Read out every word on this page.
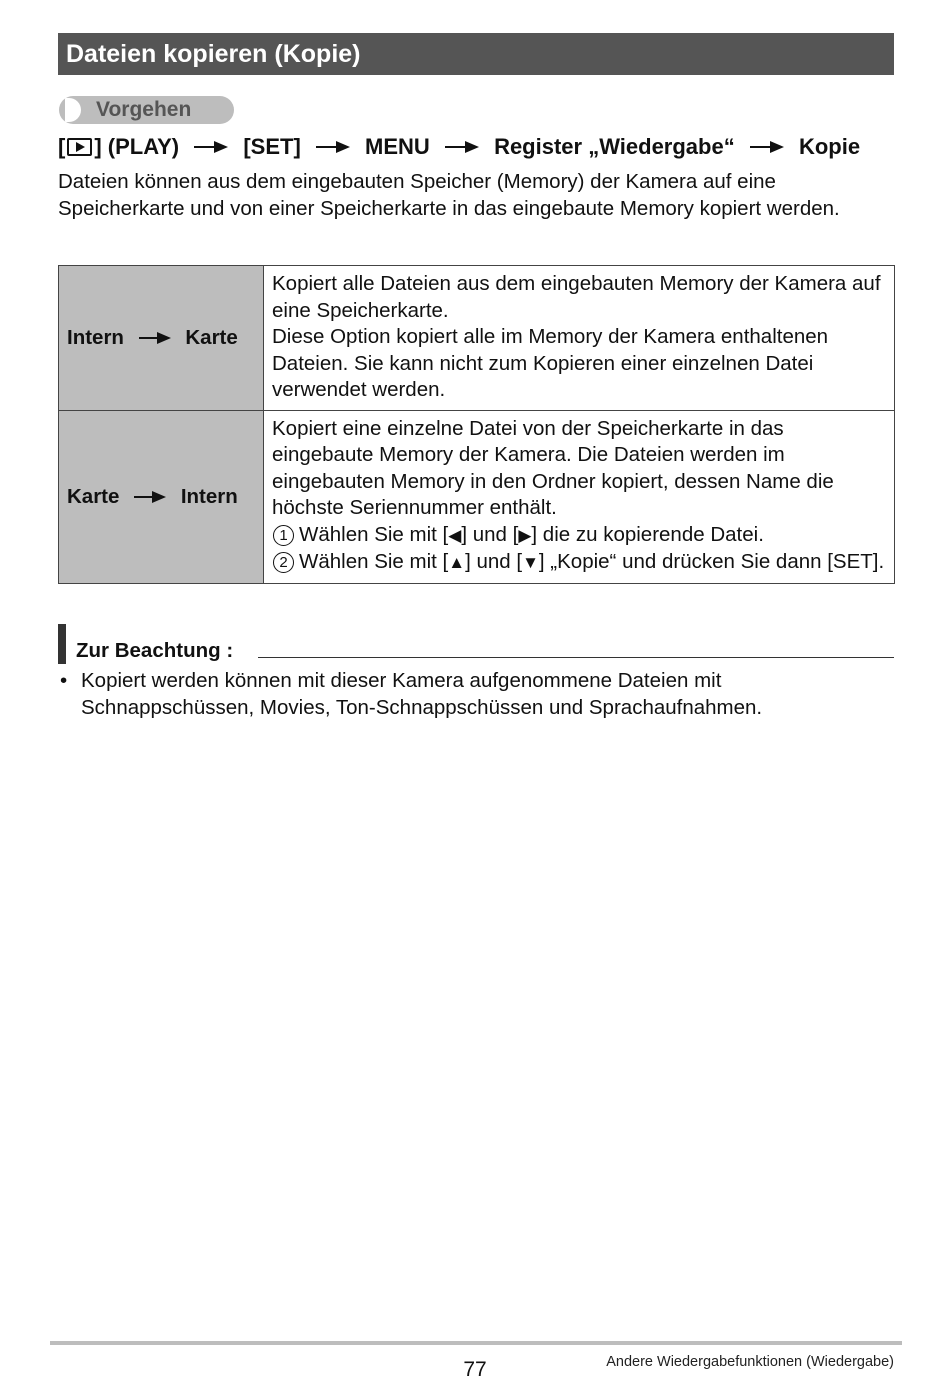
Dateien kopieren (Kopie)
Vorgehen
[ ] (PLAY)	[SET]	MENU	Register „Wiedergabe“	Kopie
Dateien können aus dem eingebauten Speicher (Memory) der Kamera auf eine Speicherkarte und von einer Speicherkarte in das eingebaute Memory kopiert werden.
Intern Karte	Kopiert alle Dateien aus dem eingebauten Memory der Kamera auf eine Speicherkarte.
Diese Option kopiert alle im Memory der Kamera enthaltenen Dateien. Sie kann nicht zum Kopieren einer einzelnen Datei verwendet werden.

Karte Intern	Kopiert eine einzelne Datei von der Speicherkarte in das eingebaute Memory der Kamera. Die Dateien werden im eingebauten Memory in den Ordner kopiert, dessen Name die höchste Seriennummer enthält.
1 Wählen Sie mit [◀] und [▶] die zu kopierende Datei.
2 Wählen Sie mit [▲] und [▼] „Kopie“ und drücken Sie dann [SET].
Zur Beachtung :
• Kopiert werden können mit dieser Kamera aufgenommene Dateien mit Schnappschüssen, Movies, Ton-Schnappschüssen und Sprachaufnahmen.
77	Andere Wiedergabefunktionen (Wiedergabe)
